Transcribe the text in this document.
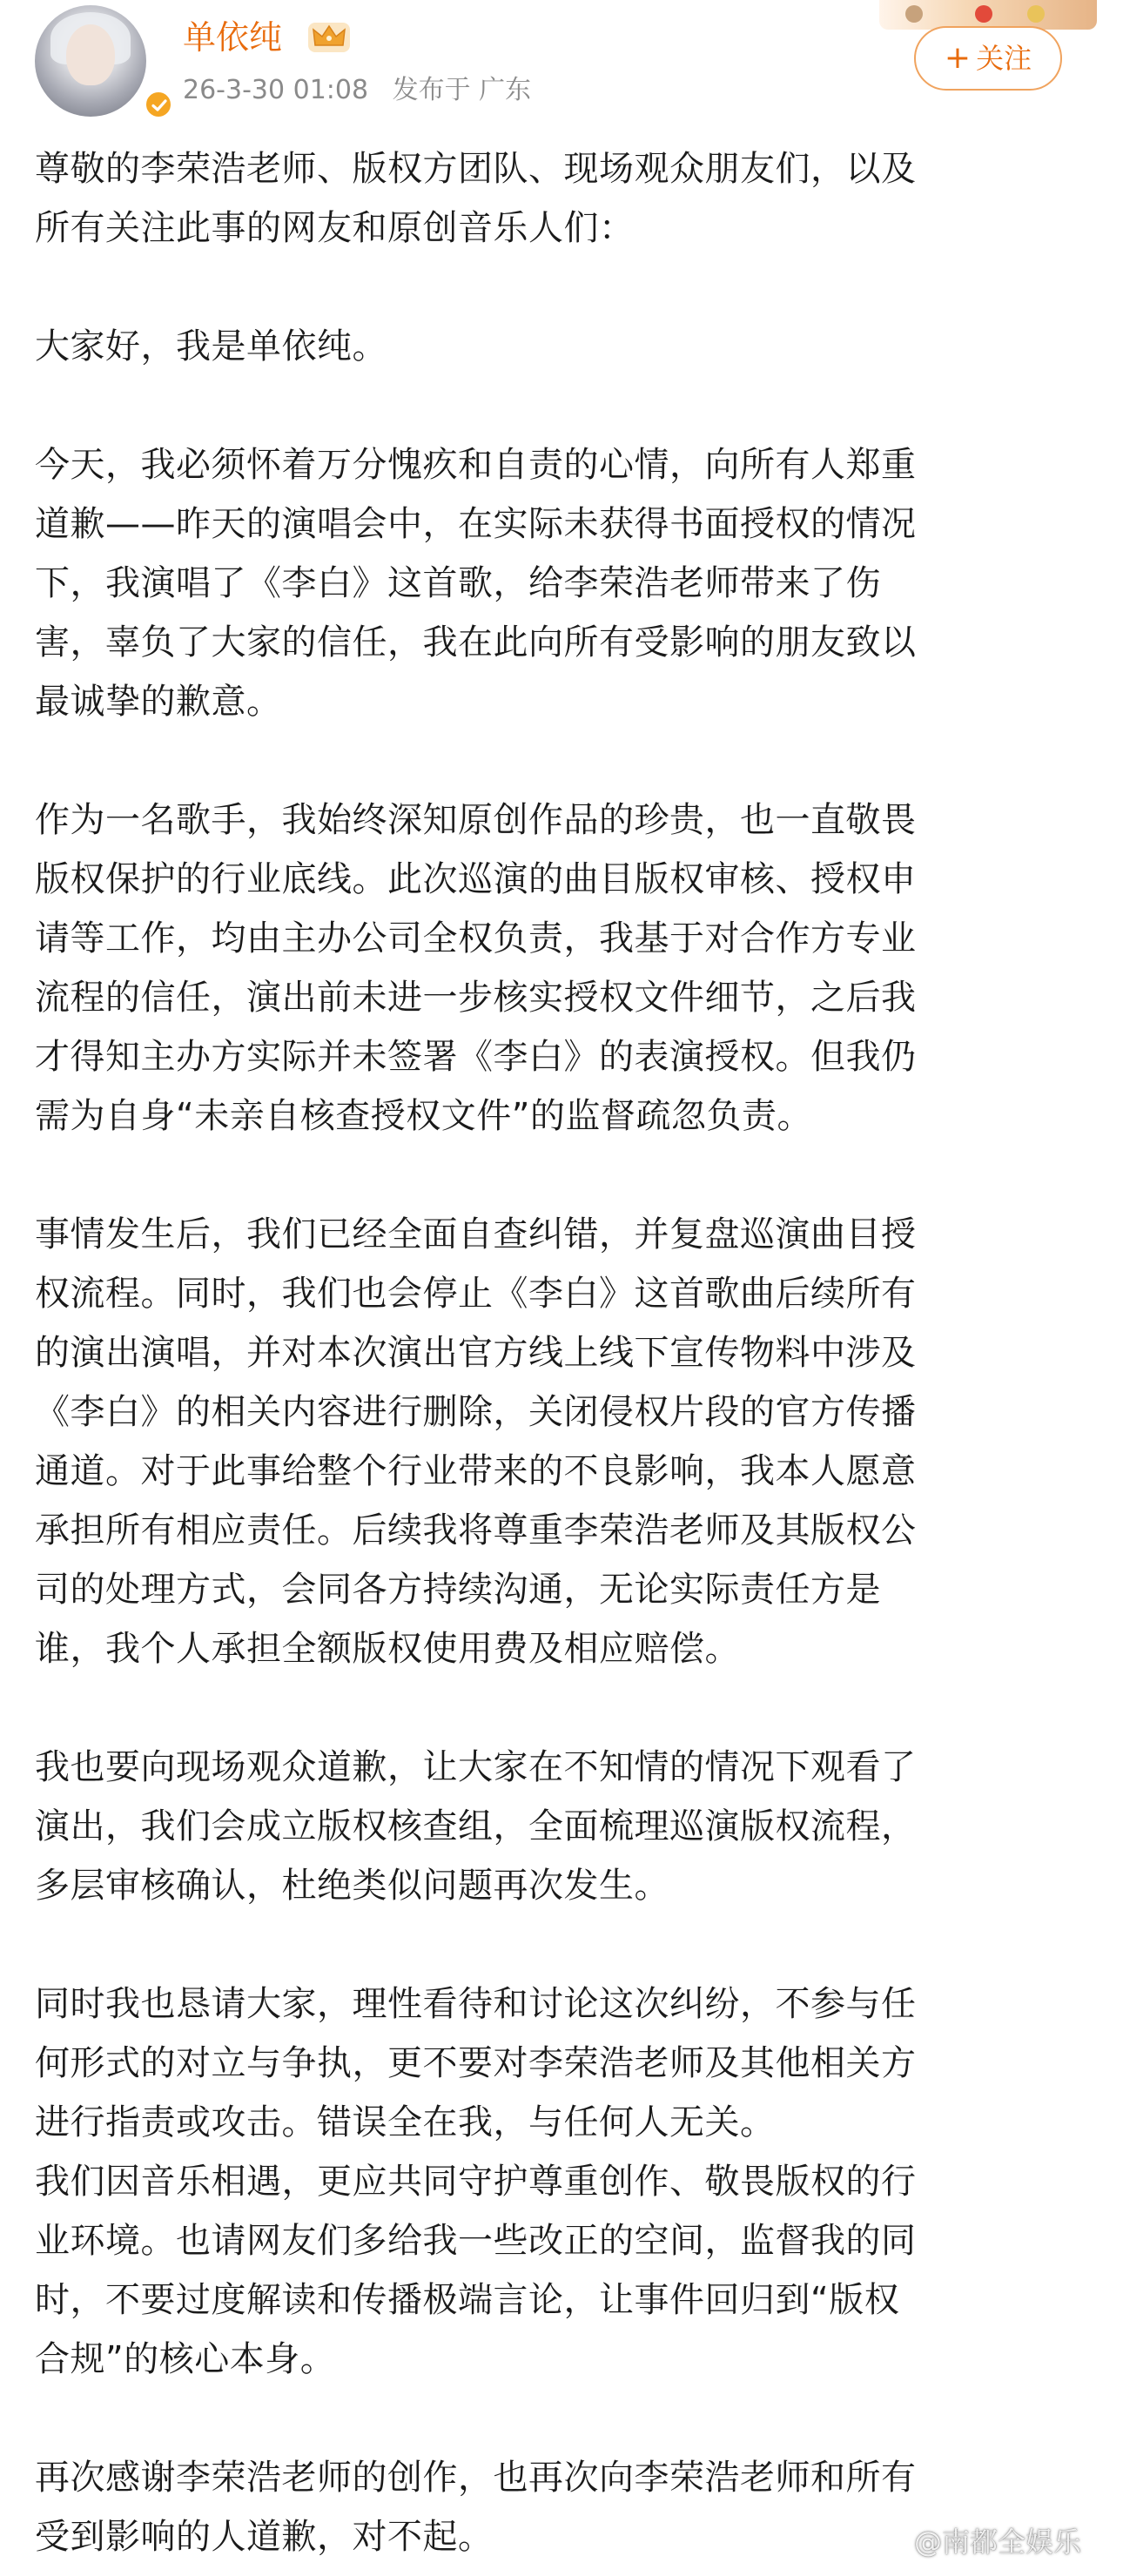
单依纯
26-3-30 01:08 发布于 广东
+ 关注

尊敬的李荣浩老师、版权方团队、现场观众朋友们，以及
所有关注此事的网友和原创音乐人们：

大家好，我是单依纯。

今天，我必须怀着万分愧疚和自责的心情，向所有人郑重
道歉——昨天的演唱会中，在实际未获得书面授权的情况
下，我演唱了《李白》这首歌，给李荣浩老师带来了伤
害，辜负了大家的信任，我在此向所有受影响的朋友致以
最诚挚的歉意。

作为一名歌手，我始终深知原创作品的珍贵，也一直敬畏
版权保护的行业底线。此次巡演的曲目版权审核、授权申
请等工作，均由主办公司全权负责，我基于对合作方专业
流程的信任，演出前未进一步核实授权文件细节，之后我
才得知主办方实际并未签署《李白》的表演授权。但我仍
需为自身“未亲自核查授权文件”的监督疏忽负责。

事情发生后，我们已经全面自查纠错，并复盘巡演曲目授
权流程。同时，我们也会停止《李白》这首歌曲后续所有
的演出演唱，并对本次演出官方线上线下宣传物料中涉及
《李白》的相关内容进行删除，关闭侵权片段的官方传播
通道。对于此事给整个行业带来的不良影响，我本人愿意
承担所有相应责任。后续我将尊重李荣浩老师及其版权公
司的处理方式，会同各方持续沟通，无论实际责任方是
谁，我个人承担全额版权使用费及相应赔偿。

我也要向现场观众道歉，让大家在不知情的情况下观看了
演出，我们会成立版权核查组，全面梳理巡演版权流程，
多层审核确认，杜绝类似问题再次发生。

同时我也恳请大家，理性看待和讨论这次纠纷，不参与任
何形式的对立与争执，更不要对李荣浩老师及其他相关方
进行指责或攻击。错误全在我，与任何人无关。
我们因音乐相遇，更应共同守护尊重创作、敬畏版权的行
业环境。也请网友们多给我一些改正的空间，监督我的同
时，不要过度解读和传播极端言论，让事件回归到“版权
合规”的核心本身。

再次感谢李荣浩老师的创作，也再次向李荣浩老师和所有
受到影响的人道歉，对不起。	@南都全娱乐
